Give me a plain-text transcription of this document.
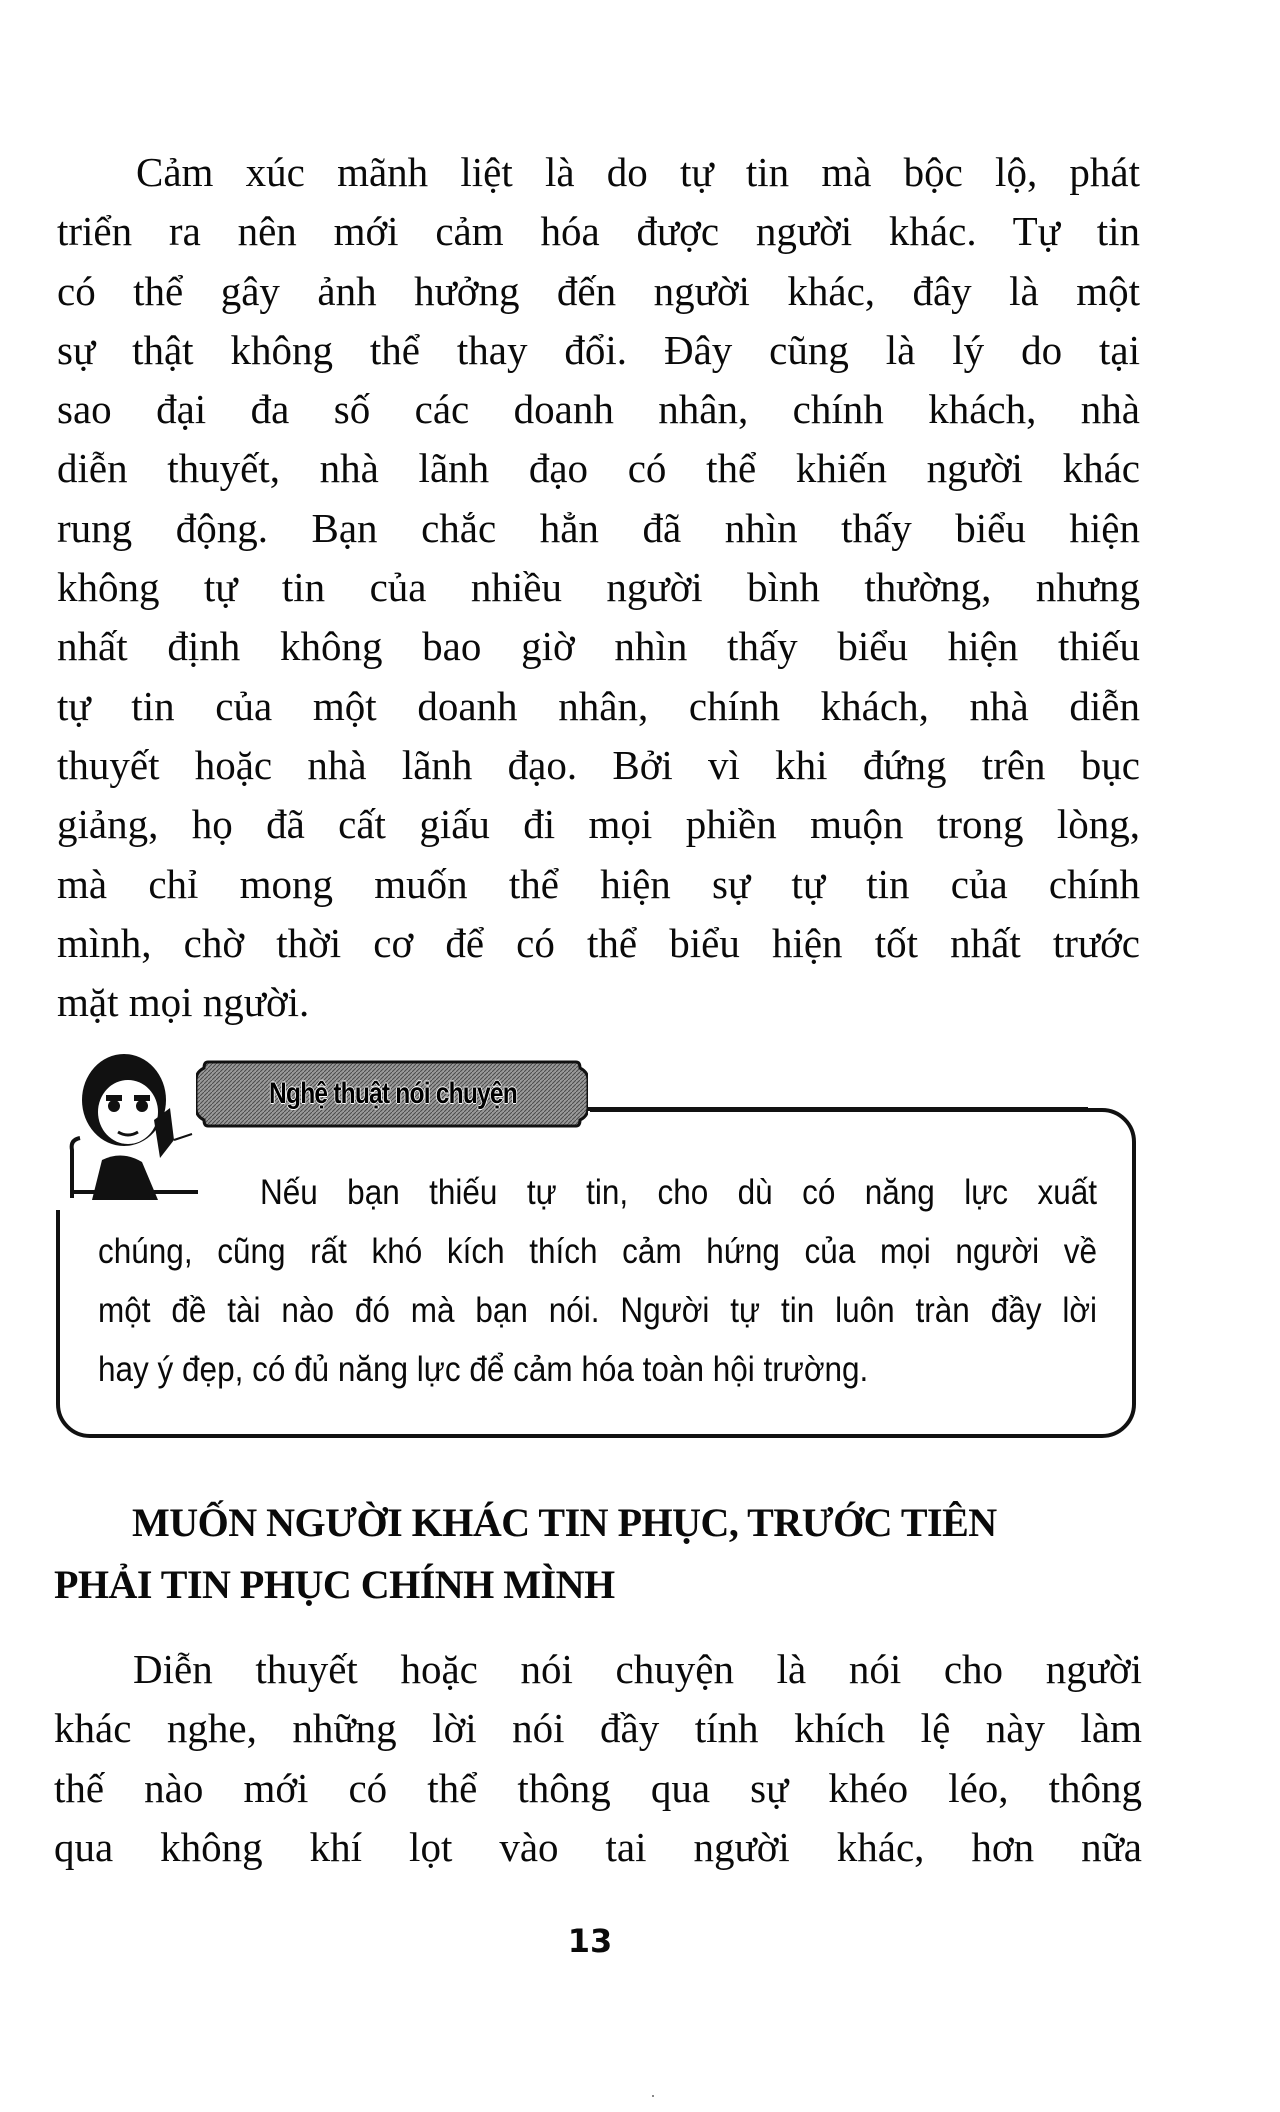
Cảm xúc mãnh liệt là do tự tin mà bộc lộ, phát
triển ra nên mới cảm hóa được người khác. Tự tin
có thể gây ảnh hưởng đến người khác, đây là một
sự thật không thể thay đổi. Đây cũng là lý do tại
sao đại đa số các doanh nhân, chính khách, nhà
diễn thuyết, nhà lãnh đạo có thể khiến người khác
rung động. Bạn chắc hẳn đã nhìn thấy biểu hiện
không tự tin của nhiều người bình thường, nhưng
nhất định không bao giờ nhìn thấy biểu hiện thiếu
tự tin của một doanh nhân, chính khách, nhà diễn
thuyết hoặc nhà lãnh đạo. Bởi vì khi đứng trên bục
giảng, họ đã cất giấu đi mọi phiền muộn trong lòng,
mà chỉ mong muốn thể hiện sự tự tin của chính
mình, chờ thời cơ để có thể biểu hiện tốt nhất trước
mặt mọi người.
Nghệ thuật nói chuyện
Nếu bạn thiếu tự tin, cho dù có năng lực xuất
chúng, cũng rất khó kích thích cảm hứng của mọi người về
một đề tài nào đó mà bạn nói. Người tự tin luôn tràn đầy lời
hay ý đẹp, có đủ năng lực để cảm hóa toàn hội trường.
MUỐN NGƯỜI KHÁC TIN PHỤC, TRƯỚC TIÊN
PHẢI TIN PHỤC CHÍNH MÌNH
Diễn thuyết hoặc nói chuyện là nói cho người
khác nghe, những lời nói đầy tính khích lệ này làm
thế nào mới có thể thông qua sự khéo léo, thông
qua không khí lọt vào tai người khác, hơn nữa
13
